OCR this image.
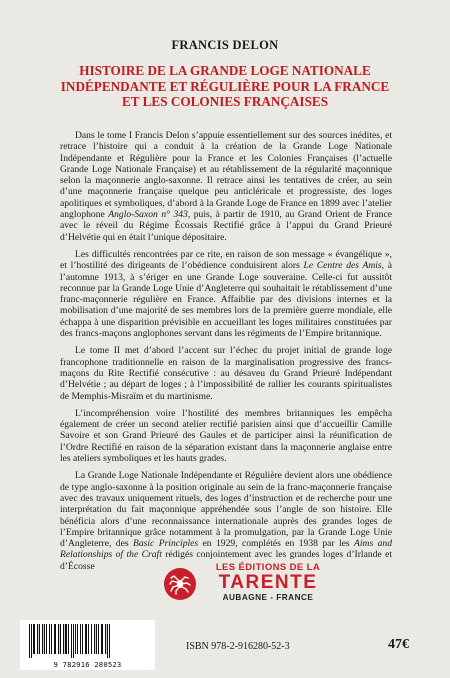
FRANCIS DELON
HISTOIRE DE LA GRANDE LOGE NATIONALE
INDÉPENDANTE ET RÉGULIÈRE POUR LA FRANCE
ET LES COLONIES FRANÇAISES

Dans le tome I Francis Delon s’appuie essentiellement sur des sources inédites, et retrace l’histoire qui a conduit à la création de la Grande Loge Nationale Indépendante et Régulière pour la France et les Colonies Françaises (l’actuelle Grande Loge Nationale Française) et au rétablissement de la régularité maçonnique selon la maçonnerie anglo-saxonne. Il retrace ainsi les tentatives de créer, au sein d’une maçonnerie française quelque peu anticléricale et progressiste, des loges apolitiques et symboliques, d’abord à la Grande Loge de France en 1899 avec l’atelier anglophone Anglo-Saxon n° 343, puis, à partir de 1910, au Grand Orient de France avec le réveil du Régime Écossais Rectifié grâce à l’appui du Grand Prieuré d’Helvétie qui en était l’unique dépositaire.

Les difficultés rencontrées par ce rite, en raison de son message « évangélique », et l’hostilité des dirigeants de l’obédience conduisirent alors Le Centre des Amis, à l’automne 1913, à s’ériger en une Grande Loge souveraine. Celle-ci fut aussitôt reconnue par la Grande Loge Unie d’Angleterre qui souhaitait le rétablissement d’une franc-maçonnerie régulière en France. Affaiblie par des divisions internes et la mobilisation d’une majorité de ses membres lors de la première guerre mondiale, elle échappa à une disparition prévisible en accueillant les loges militaires constituées par des francs-maçons anglophones servant dans les régiments de l’Empire britannique.

Le tome II met d’abord l’accent sur l’échec du projet initial de grande loge francophone traditionnelle en raison de la marginalisation progressive des francs-maçons du Rite Rectifié consécutive : au désaveu du Grand Prieuré Indépendant d’Helvétie ; au départ de loges ; à l’impossibilité de rallier les courants spiritualistes de Memphis-Misraïm et du martinisme.

L’incompréhension voire l’hostilité des membres britanniques les empêcha également de créer un second atelier rectifié parisien ainsi que d’accueillir Camille Savoire et son Grand Prieuré des Gaules et de participer ainsi la réunification de l’Ordre Rectifié en raison de la séparation existant dans la maçonnerie anglaise entre les ateliers symboliques et les hauts grades.

La Grande Loge Nationale Indépendante et Régulière devient alors une obédience de type anglo-saxonne à la position originale au sein de la franc-maçonnerie française avec des travaux uniquement rituels, des loges d’instruction et de recherche pour une interprétation du fait maçonnique appréhendée sous l’angle de son histoire. Elle bénéficia alors d’une reconnaissance internationale auprès des grandes loges de l’Empire britannique grâce notamment à la promulgation, par la Grande Loge Unie d’Angleterre, des Basic Principles en 1929, complétés en 1938 par les Aims and Relationships of the Craft rédigés conjointement avec les grandes loges d’Irlande et d’Écosse	LES ÉDITIONS DE LA
TARENTE
AUBAGNE - FRANCE
9 782916 280523
ISBN 978-2-916280-52-3	47€
